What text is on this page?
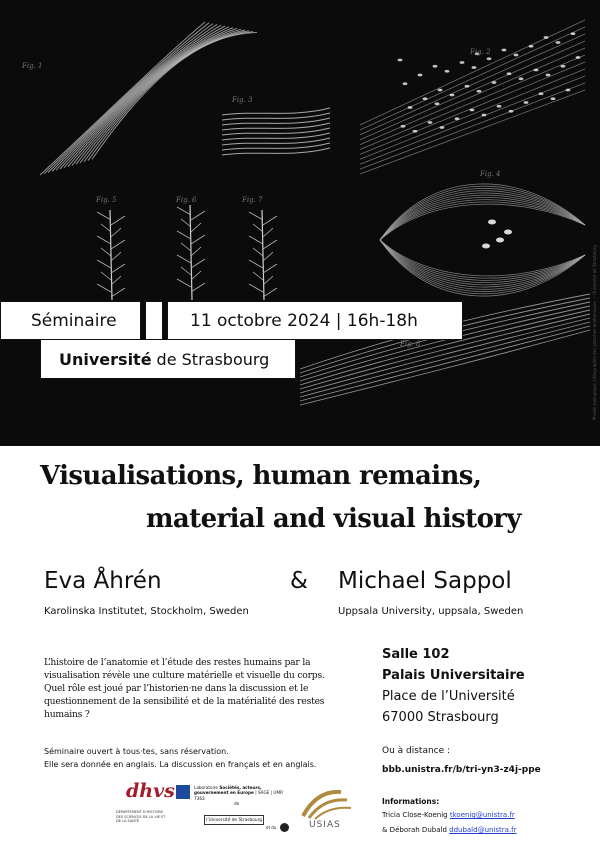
Fig. 1
Fig. 2
Fig. 3
Fig. 4
Fig. 5	Fig. 6	Fig. 7
Fig. 8	Musée zoologique, Lithographie des planches anatomiques — Université de Strasbourg
Séminaire	11 octobre 2024 | 16h-18h
Université de Strasbourg
Visualisations, human remains,
material and visual history
Eva Åhrén	& Michael Sappol
Karolinska Institutet, Stockholm, Sweden	Uppsala University, uppsala, Sweden

L’histoire de l’anatomie et l’étude des restes humains par la visualisation révèle une culture matérielle et visuelle du corps. Quel rôle est joué par l’historien·ne dans la discussion et le questionnement de la sensibilité et de la matérialité des restes humains ?

Séminaire ouvert à tous·tes, sans réservation.
Elle sera donnée en anglais. La discussion en français et en anglais.
Salle 102
Palais Universitaire
Place de l’Université
67000 Strasbourg
Ou à distance :
bbb.unistra.fr/b/tri-yn3-z4j-ppe
Informations:
Tricia Close-Koenig tkoenig@unistra.fr
& Déborah Dubald ddubald@unistra.fr
dhvs
DÉPARTEMENT D’HISTOIRE DES SCIENCES DE LA VIE ET DE LA SANTÉ
Laboratoire Sociétés, acteurs,
gouvernement en Europe | SAGE | UMR 7363
de
l’Université de Strasbourg
et du	USIAS
